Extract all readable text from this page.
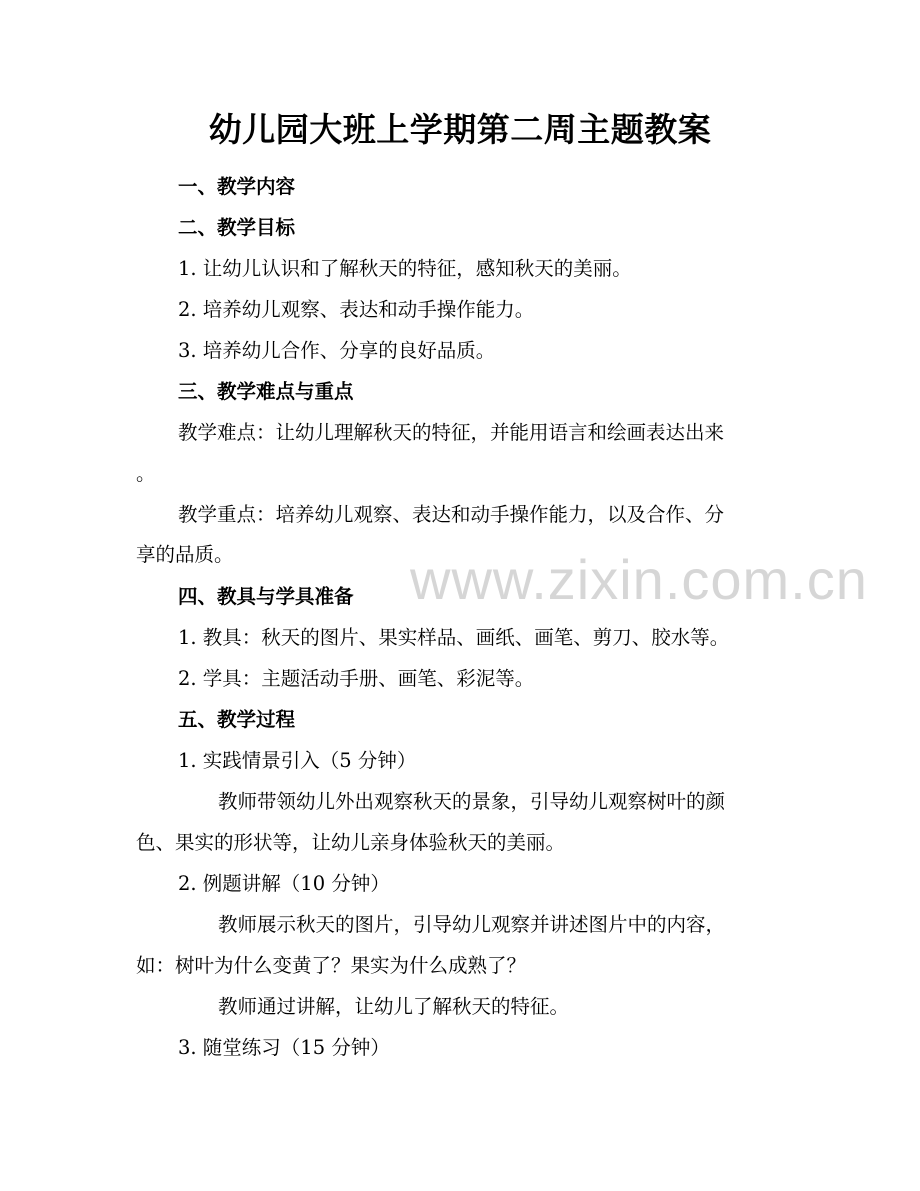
www.zixin.com.cn
幼儿园大班上学期第二周主题教案
一、教学内容
二、教学目标
1. 让幼儿认识和了解秋天的特征，感知秋天的美丽。
2. 培养幼儿观察、表达和动手操作能力。
3. 培养幼儿合作、分享的良好品质。
三、教学难点与重点
教学难点：让幼儿理解秋天的特征，并能用语言和绘画表达出来
。
教学重点：培养幼儿观察、表达和动手操作能力，以及合作、分
享的品质。
四、教具与学具准备
1. 教具：秋天的图片、果实样品、画纸、画笔、剪刀、胶水等。
2. 学具：主题活动手册、画笔、彩泥等。
五、教学过程
1. 实践情景引入（5 分钟）
教师带领幼儿外出观察秋天的景象，引导幼儿观察树叶的颜
色、果实的形状等，让幼儿亲身体验秋天的美丽。
2. 例题讲解（10 分钟）
教师展示秋天的图片，引导幼儿观察并讲述图片中的内容，
如：树叶为什么变黄了？果实为什么成熟了？
教师通过讲解，让幼儿了解秋天的特征。
3. 随堂练习（15 分钟）
